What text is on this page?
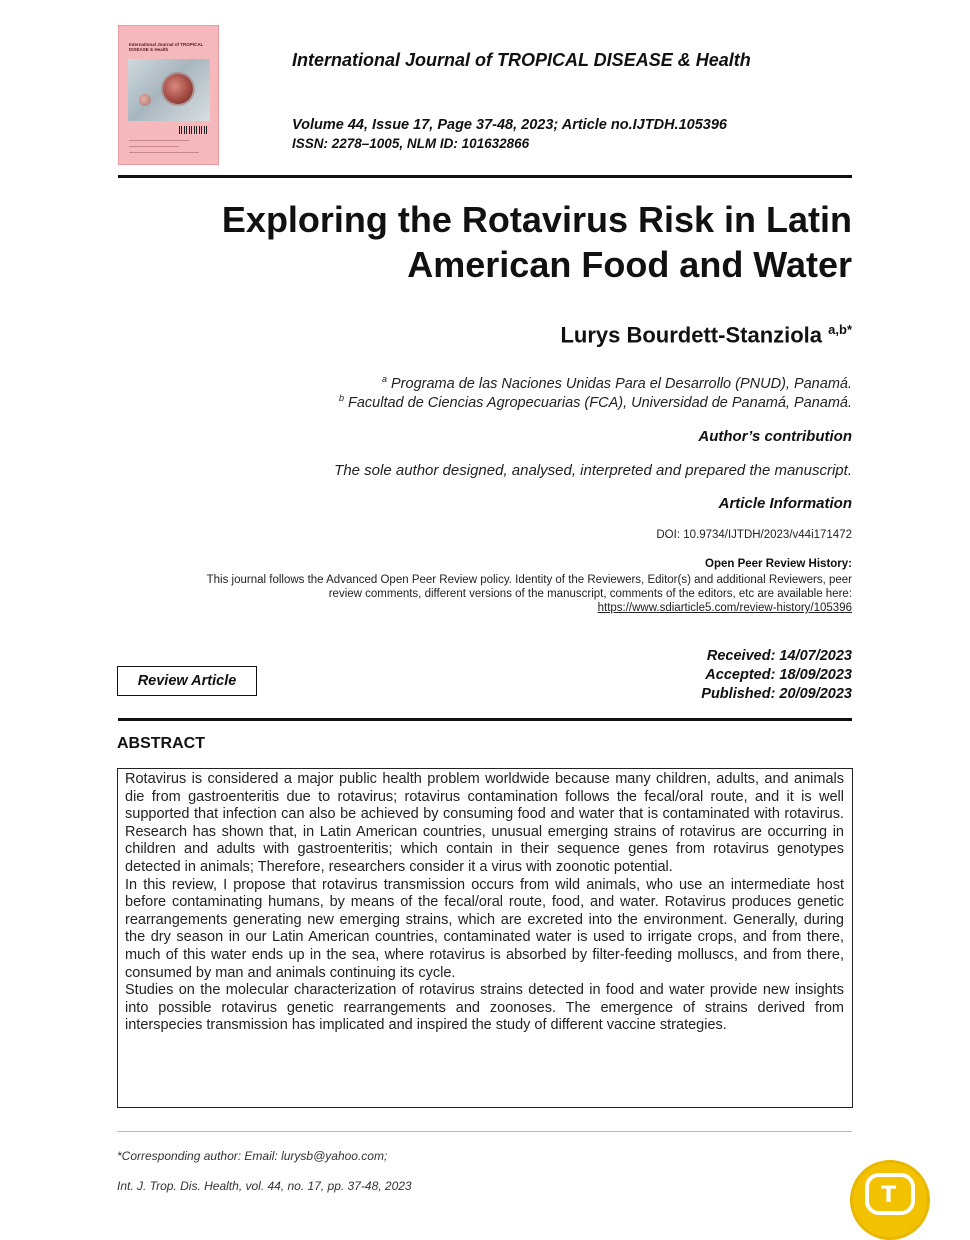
International Journal of TROPICAL DISEASE & Health
International Journal of TROPICAL DISEASE & Health
Volume 44, Issue 17, Page 37-48, 2023; Article no.IJTDH.105396
ISSN: 2278–1005, NLM ID: 101632866
Exploring the Rotavirus Risk in Latin
American Food and Water
Lurys Bourdett-Stanziola $^{a,b*}$
$^a$ Programa de las Naciones Unidas Para el Desarrollo (PNUD), Panamá.
$^b$ Facultad de Ciencias Agropecuarias (FCA), Universidad de Panamá, Panamá.
Author’s contribution
The sole author designed, analysed, interpreted and prepared the manuscript.
Article Information
DOI: 10.9734/IJTDH/2023/v44i171472
Open Peer Review History:
This journal follows the Advanced Open Peer Review policy. Identity of the Reviewers, Editor(s) and additional Reviewers, peer
review comments, different versions of the manuscript, comments of the editors, etc are available here:
https://www.sdiarticle5.com/review-history/105396
Review Article
Received: 14/07/2023
Accepted: 18/09/2023
Published: 20/09/2023
ABSTRACT

Rotavirus is considered a major public health problem worldwide because many children, adults, and animals die from gastroenteritis due to rotavirus; rotavirus contamination follows the fecal/oral route, and it is well supported that infection can also be achieved by consuming food and water that is contaminated with rotavirus. Research has shown that, in Latin American countries, unusual emerging strains of rotavirus are occurring in children and adults with gastroenteritis; which contain in their sequence genes from rotavirus genotypes detected in animals; Therefore, researchers consider it a virus with zoonotic potential.

In this review, I propose that rotavirus transmission occurs from wild animals, who use an intermediate host before contaminating humans, by means of the fecal/oral route, food, and water. Rotavirus produces genetic rearrangements generating new emerging strains, which are excreted into the environment. Generally, during the dry season in our Latin American countries, contaminated water is used to irrigate crops, and from there, much of this water ends up in the sea, where rotavirus is absorbed by filter-feeding molluscs, and from there, consumed by man and animals continuing its cycle.

Studies on the molecular characterization of rotavirus strains detected in food and water provide new insights into possible rotavirus genetic rearrangements and zoonoses. The emergence of strains derived from interspecies transmission has implicated and inspired the study of different vaccine strategies.

*Corresponding author: Email: lurysb@yahoo.com;
Int. J. Trop. Dis. Health, vol. 44, no. 17, pp. 37-48, 2023	T
